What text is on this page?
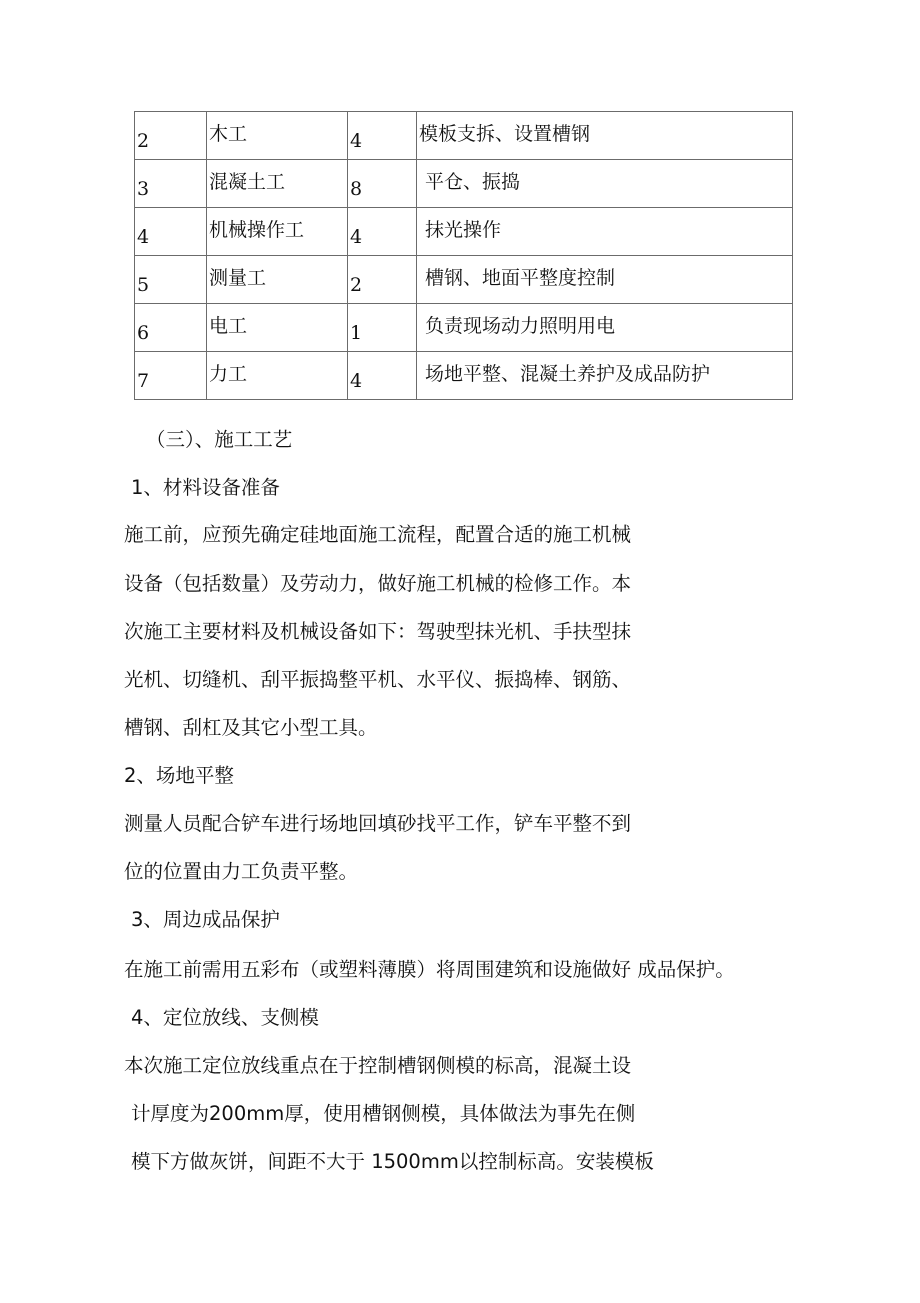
2	木工	4	模板支拆、设置槽钢
3	混凝土工	8	平仓、振捣
4	机械操作工	4	抹光操作
5	测量工	2	槽钢、地面平整度控制
6	电工	1	负责现场动力照明用电
7	力工	4	场地平整、混凝土养护及成品防护
（三）、施工工艺
1、材料设备准备
施工前，应预先确定硅地面施工流程，配置合适的施工机械
设备（包括数量）及劳动力，做好施工机械的检修工作。本
次施工主要材料及机械设备如下：驾驶型抹光机、手扶型抹
光机、切缝机、刮平振捣整平机、水平仪、振捣棒、钢筋、
槽钢、刮杠及其它小型工具。
2、场地平整
测量人员配合铲车进行场地回填砂找平工作，铲车平整不到
位的位置由力工负责平整。
3、周边成品保护
在施工前需用五彩布（或塑料薄膜）将周围建筑和设施做好 成品保护。
4、定位放线、支侧模
本次施工定位放线重点在于控制槽钢侧模的标高，混凝土设
计厚度为200mm厚，使用槽钢侧模，具体做法为事先在侧
模下方做灰饼，间距不大于 1500mm以控制标高。安装模板
